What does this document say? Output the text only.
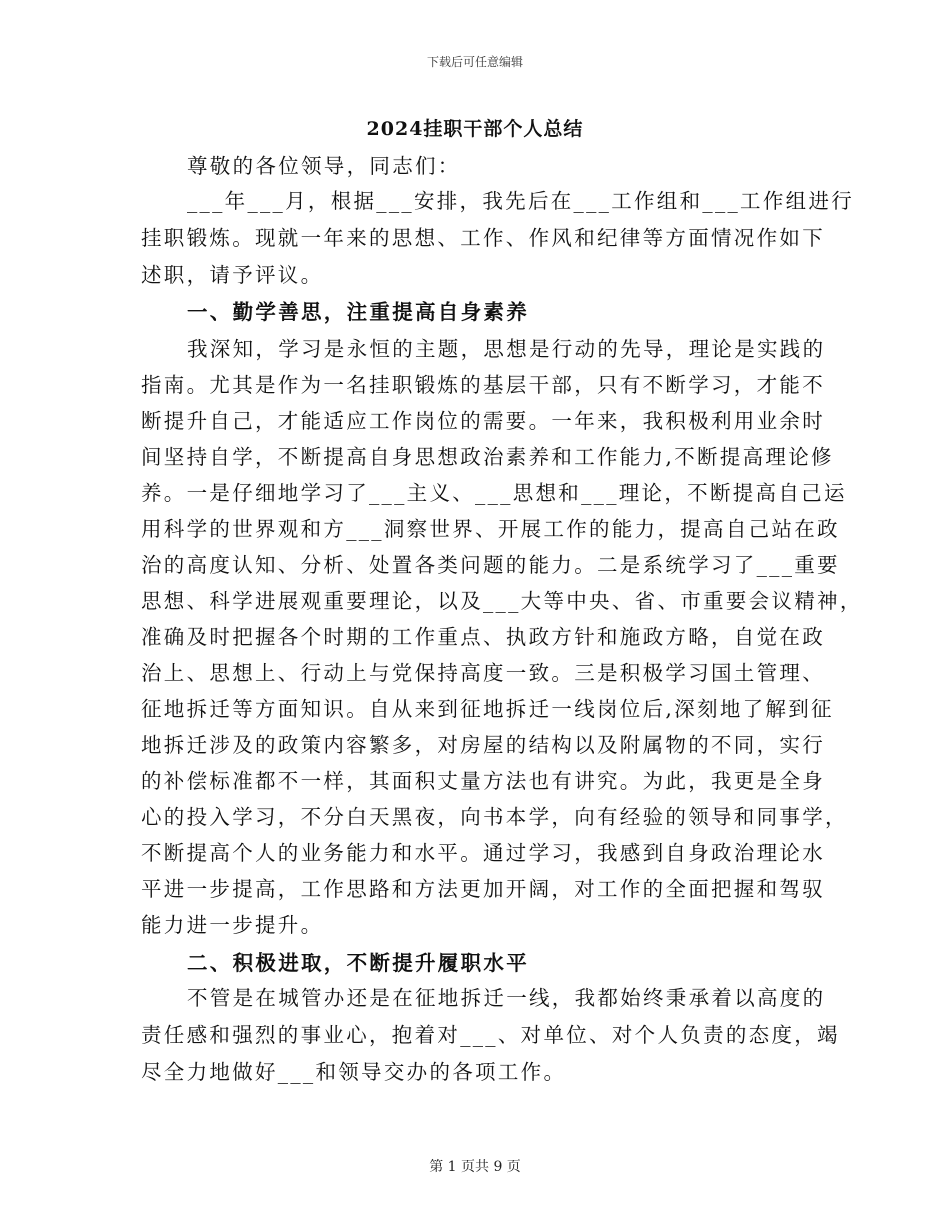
下载后可任意编辑
2024挂职干部个人总结
尊敬的各位领导，同志们：
___年___月，根据___安排，我先后在___工作组和___工作组进行
挂职锻炼。现就一年来的思想、工作、作风和纪律等方面情况作如下
述职，请予评议。
一、勤学善思，注重提高自身素养
我深知，学习是永恒的主题，思想是行动的先导，理论是实践的
指南。尤其是作为一名挂职锻炼的基层干部，只有不断学习，才能不
断提升自己，才能适应工作岗位的需要。一年来，我积极利用业余时
间坚持自学，不断提高自身思想政治素养和工作能力,不断提高理论修
养。一是仔细地学习了___主义、___思想和___理论，不断提高自己运
用科学的世界观和方___洞察世界、开展工作的能力，提高自己站在政
治的高度认知、分析、处置各类问题的能力。二是系统学习了___重要
思想、科学进展观重要理论，以及___大等中央、省、市重要会议精神，
准确及时把握各个时期的工作重点、执政方针和施政方略，自觉在政
治上、思想上、行动上与党保持高度一致。三是积极学习国土管理、
征地拆迁等方面知识。自从来到征地拆迁一线岗位后,深刻地了解到征
地拆迁涉及的政策内容繁多，对房屋的结构以及附属物的不同，实行
的补偿标准都不一样，其面积丈量方法也有讲究。为此，我更是全身
心的投入学习，不分白天黑夜，向书本学，向有经验的领导和同事学，
不断提高个人的业务能力和水平。通过学习，我感到自身政治理论水
平进一步提高，工作思路和方法更加开阔，对工作的全面把握和驾驭
能力进一步提升。
二、积极进取，不断提升履职水平
不管是在城管办还是在征地拆迁一线，我都始终秉承着以高度的
责任感和强烈的事业心，抱着对___、对单位、对个人负责的态度，竭
尽全力地做好___和领导交办的各项工作。
第 1 页共 9 页
